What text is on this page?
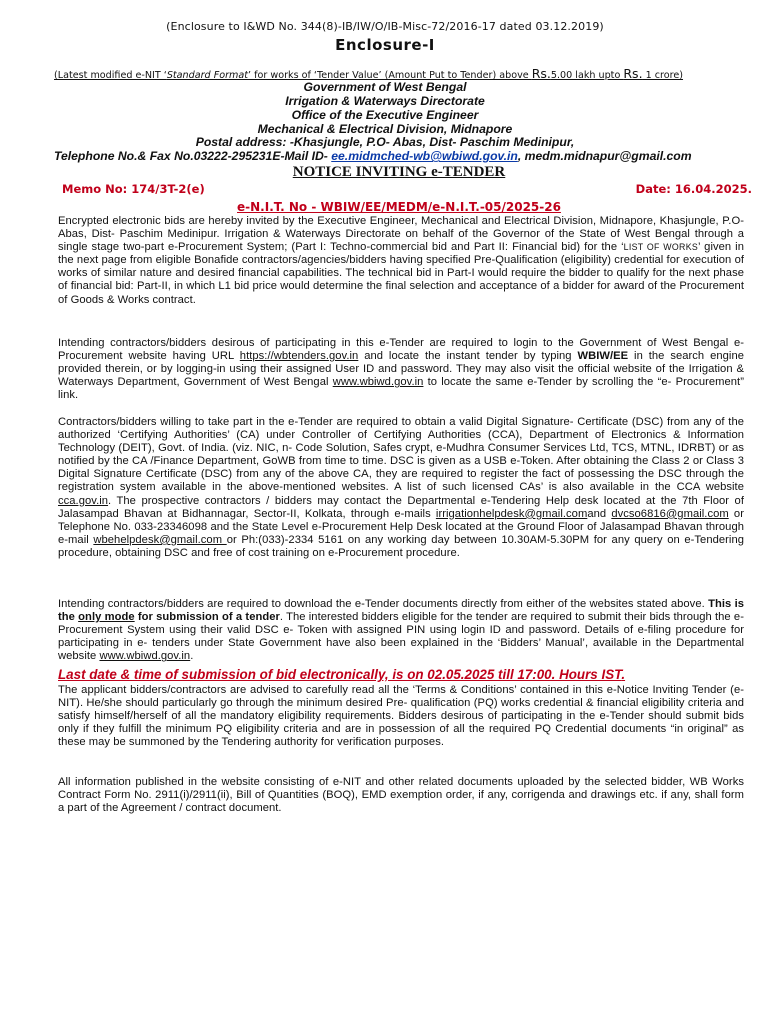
(Enclosure to I&WD No. 344(8)-IB/IW/O/IB-Misc-72/2016-17 dated 03.12.2019)
Enclosure-I
(Latest modified e-NIT ‘Standard Format’ for works of ‘Tender Value’ (Amount Put to Tender) above Rs.5.00 lakh upto Rs. 1 crore)
Government of West Bengal
Irrigation & Waterways Directorate
Office of the Executive Engineer
Mechanical & Electrical Division, Midnapore
Postal address: -Khasjungle, P.O- Abas, Dist- Paschim Medinipur,
Telephone No.& Fax No.03222-295231E-Mail ID- ee.midmched-wb@wbiwd.gov.in, medm.midnapur@gmail.com
NOTICE INVITING e-TENDER
Memo No: 174/3T-2(e)	Date: 16.04.2025.
e-N.I.T. No - WBIW/EE/MEDM/e-N.I.T.-05/2025-26
Encrypted electronic bids are hereby invited by the Executive Engineer, Mechanical and Electrical Division, Midnapore, Khasjungle, P.O- Abas, Dist- Paschim Medinipur. Irrigation & Waterways Directorate on behalf of the Governor of the State of West Bengal through a single stage two-part e-Procurement System; (Part I: Techno-commercial bid and Part II: Financial bid) for the ‘LIST OF WORKS’ given in the next page from eligible Bonafide contractors/agencies/bidders having specified Pre-Qualification (eligibility) credential for execution of works of similar nature and desired financial capabilities. The technical bid in Part-I would require the bidder to qualify for the next phase of financial bid: Part-II, in which L1 bid price would determine the final selection and acceptance of a bidder for award of the Procurement of Goods & Works contract.
Intending contractors/bidders desirous of participating in this e-Tender are required to login to the Government of West Bengal e-Procurement website having URL https://wbtenders.gov.in and locate the instant tender by typing WBIW/EE in the search engine provided therein, or by logging-in using their assigned User ID and password. They may also visit the official website of the Irrigation & Waterways Department, Government of West Bengal www.wbiwd.gov.in to locate the same e-Tender by scrolling the “e- Procurement” link.
Contractors/bidders willing to take part in the e-Tender are required to obtain a valid Digital Signature- Certificate (DSC) from any of the authorized ‘Certifying Authorities’ (CA) under Controller of Certifying Authorities (CCA), Department of Electronics & Information Technology (DEIT), Govt. of India. (viz. NIC, n- Code Solution, Safes crypt, e-Mudhra Consumer Services Ltd, TCS, MTNL, IDRBT) or as notified by the CA /Finance Department, GoWB from time to time. DSC is given as a USB e-Token. After obtaining the Class 2 or Class 3 Digital Signature Certificate (DSC) from any of the above CA, they are required to register the fact of possessing the DSC through the registration system available in the above-mentioned websites. A list of such licensed CAs’ is also available in the CCA website cca.gov.in. The prospective contractors / bidders may contact the Departmental e-Tendering Help desk located at the 7th Floor of Jalasampad Bhavan at Bidhannagar, Sector-II, Kolkata, through e-mails irrigationhelpdesk@gmail.comand dvcso6816@gmail.com or Telephone No. 033-23346098 and the State Level e-Procurement Help Desk located at the Ground Floor of Jalasampad Bhavan through e-mail wbehelpdesk@gmail.com or Ph:(033)-2334 5161 on any working day between 10.30AM-5.30PM for any query on e-Tendering procedure, obtaining DSC and free of cost training on e-Procurement procedure.
Intending contractors/bidders are required to download the e-Tender documents directly from either of the websites stated above. This is the only mode for submission of a tender. The interested bidders eligible for the tender are required to submit their bids through the e-Procurement System using their valid DSC e- Token with assigned PIN using login ID and password. Details of e-filing procedure for participating in e- tenders under State Government have also been explained in the ‘Bidders’ Manual’, available in the Departmental website www.wbiwd.gov.in.
Last date & time of submission of bid electronically, is on 02.05.2025 till 17:00. Hours IST.
The applicant bidders/contractors are advised to carefully read all the ‘Terms & Conditions’ contained in this e-Notice Inviting Tender (e-NIT). He/she should particularly go through the minimum desired Pre- qualification (PQ) works credential & financial eligibility criteria and satisfy himself/herself of all the mandatory eligibility requirements. Bidders desirous of participating in the e-Tender should submit bids only if they fulfill the minimum PQ eligibility criteria and are in possession of all the required PQ Credential documents “in original” as these may be summoned by the Tendering authority for verification purposes.
All information published in the website consisting of e-NIT and other related documents uploaded by the selected bidder, WB Works Contract Form No. 2911(i)/2911(ii), Bill of Quantities (BOQ), EMD exemption order, if any, corrigenda and drawings etc. if any, shall form a part of the Agreement / contract document.
